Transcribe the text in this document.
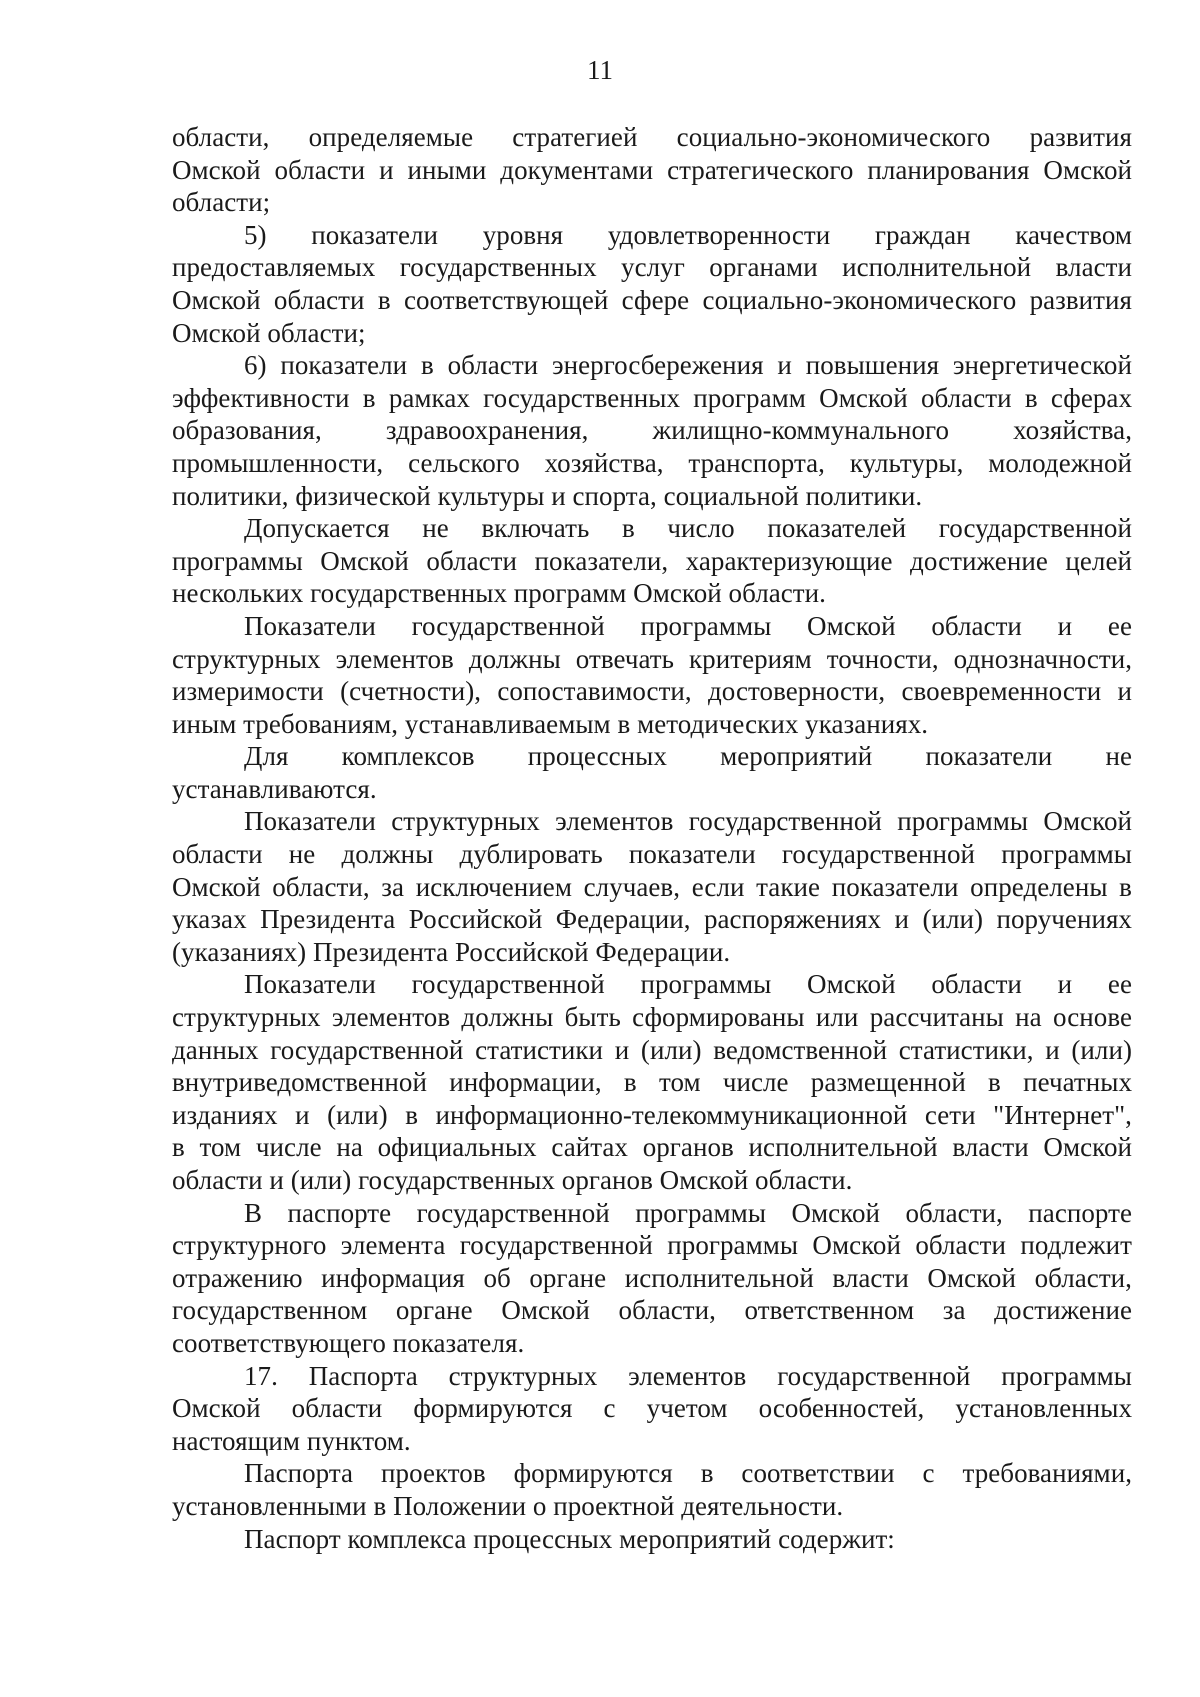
11
области, определяемые стратегией социально-экономического развития
Омской области и иными документами стратегического планирования Омской
области;
5) показатели уровня удовлетворенности граждан качеством
предоставляемых государственных услуг органами исполнительной власти
Омской области в соответствующей сфере социально-экономического развития
Омской области;
6) показатели в области энергосбережения и повышения энергетической
эффективности в рамках государственных программ Омской области в сферах
образования, здравоохранения, жилищно-коммунального хозяйства,
промышленности, сельского хозяйства, транспорта, культуры, молодежной
политики, физической культуры и спорта, социальной политики.
Допускается не включать в число показателей государственной
программы Омской области показатели, характеризующие достижение целей
нескольких государственных программ Омской области.
Показатели государственной программы Омской области и ее
структурных элементов должны отвечать критериям точности, однозначности,
измеримости (счетности), сопоставимости, достоверности, своевременности и
иным требованиям, устанавливаемым в методических указаниях.
Для комплексов процессных мероприятий показатели не
устанавливаются.
Показатели структурных элементов государственной программы Омской
области не должны дублировать показатели государственной программы
Омской области, за исключением случаев, если такие показатели определены в
указах Президента Российской Федерации, распоряжениях и (или) поручениях
(указаниях) Президента Российской Федерации.
Показатели государственной программы Омской области и ее
структурных элементов должны быть сформированы или рассчитаны на основе
данных государственной статистики и (или) ведомственной статистики, и (или)
внутриведомственной информации, в том числе размещенной в печатных
изданиях и (или) в информационно-телекоммуникационной сети "Интернет",
в том числе на официальных сайтах органов исполнительной власти Омской
области и (или) государственных органов Омской области.
В паспорте государственной программы Омской области, паспорте
структурного элемента государственной программы Омской области подлежит
отражению информация об органе исполнительной власти Омской области,
государственном органе Омской области, ответственном за достижение
соответствующего показателя.
17. Паспорта структурных элементов государственной программы
Омской области формируются с учетом особенностей, установленных
настоящим пунктом.
Паспорта проектов формируются в соответствии с требованиями,
установленными в Положении о проектной деятельности.
Паспорт комплекса процессных мероприятий содержит:
